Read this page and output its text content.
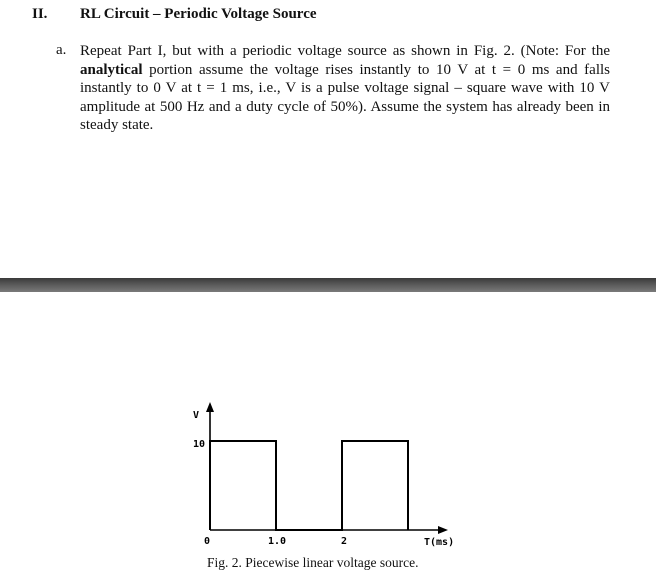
II. RL Circuit – Periodic Voltage Source
a. Repeat Part I, but with a periodic voltage source as shown in Fig. 2. (Note: For the analytical portion assume the voltage rises instantly to 10 V at t = 0 ms and falls instantly to 0 V at t = 1 ms, i.e., V is a pulse voltage signal – square wave with 10 V amplitude at 500 Hz and a duty cycle of 50%). Assume the system has already been in steady state.
V
10
0	1.0	2	T(ms)
Fig. 2. Piecewise linear voltage source.
